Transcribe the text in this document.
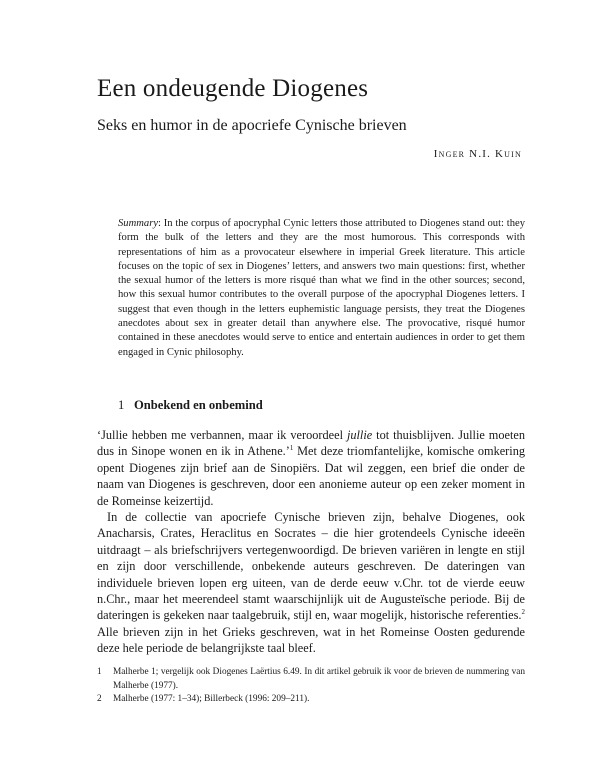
Een ondeugende Diogenes
Seks en humor in de apocriefe Cynische brieven
Inger N.I. Kuin
Summary: In the corpus of apocryphal Cynic letters those attributed to Diogenes stand out: they form the bulk of the letters and they are the most humorous. This corresponds with representations of him as a provocateur elsewhere in imperial Greek literature. This article focuses on the topic of sex in Diogenes’ letters, and answers two main questions: first, whether the sexual humor of the letters is more risqué than what we find in the other sources; second, how this sexual humor contributes to the overall purpose of the apocryphal Diogenes letters. I suggest that even though in the letters euphemistic language persists, they treat the Diogenes anecdotes about sex in greater detail than anywhere else. The provocative, risqué humor contained in these anecdotes would serve to entice and entertain audiences in order to get them engaged in Cynic philosophy.
1 Onbekend en onbemind

‘Jullie hebben me verbannen, maar ik veroordeel jullie tot thuisblijven. Jullie moeten dus in Sinope wonen en ik in Athene.’$^1$ Met deze triomfantelijke, komische omkering opent Diogenes zijn brief aan de Sinopiërs. Dat wil zeggen, een brief die onder de naam van Diogenes is geschreven, door een anonieme auteur op een zeker moment in de Romeinse keizertijd.

In de collectie van apocriefe Cynische brieven zijn, behalve Diogenes, ook Anacharsis, Crates, Heraclitus en Socrates – die hier grotendeels Cynische ideeën uitdraagt – als briefschrijvers vertegenwoordigd. De brieven variëren in lengte en stijl en zijn door verschillende, onbekende auteurs geschreven. De dateringen van individuele brieven lopen erg uiteen, van de derde eeuw v.Chr. tot de vierde eeuw n.Chr., maar het meerendeel stamt waarschijnlijk uit de Augusteïsche periode. Bij de dateringen is gekeken naar taalgebruik, stijl en, waar mogelijk, historische referenties.$^2$ Alle brieven zijn in het Grieks geschreven, wat in het Romeinse Oosten gedurende deze hele periode de belangrijkste taal bleef.

1	Malherbe 1; vergelijk ook Diogenes Laërtius 6.49. In dit artikel gebruik ik voor de brieven de nummering van Malherbe (1977).
2	Malherbe (1977: 1–34); Billerbeck (1996: 209–211).
